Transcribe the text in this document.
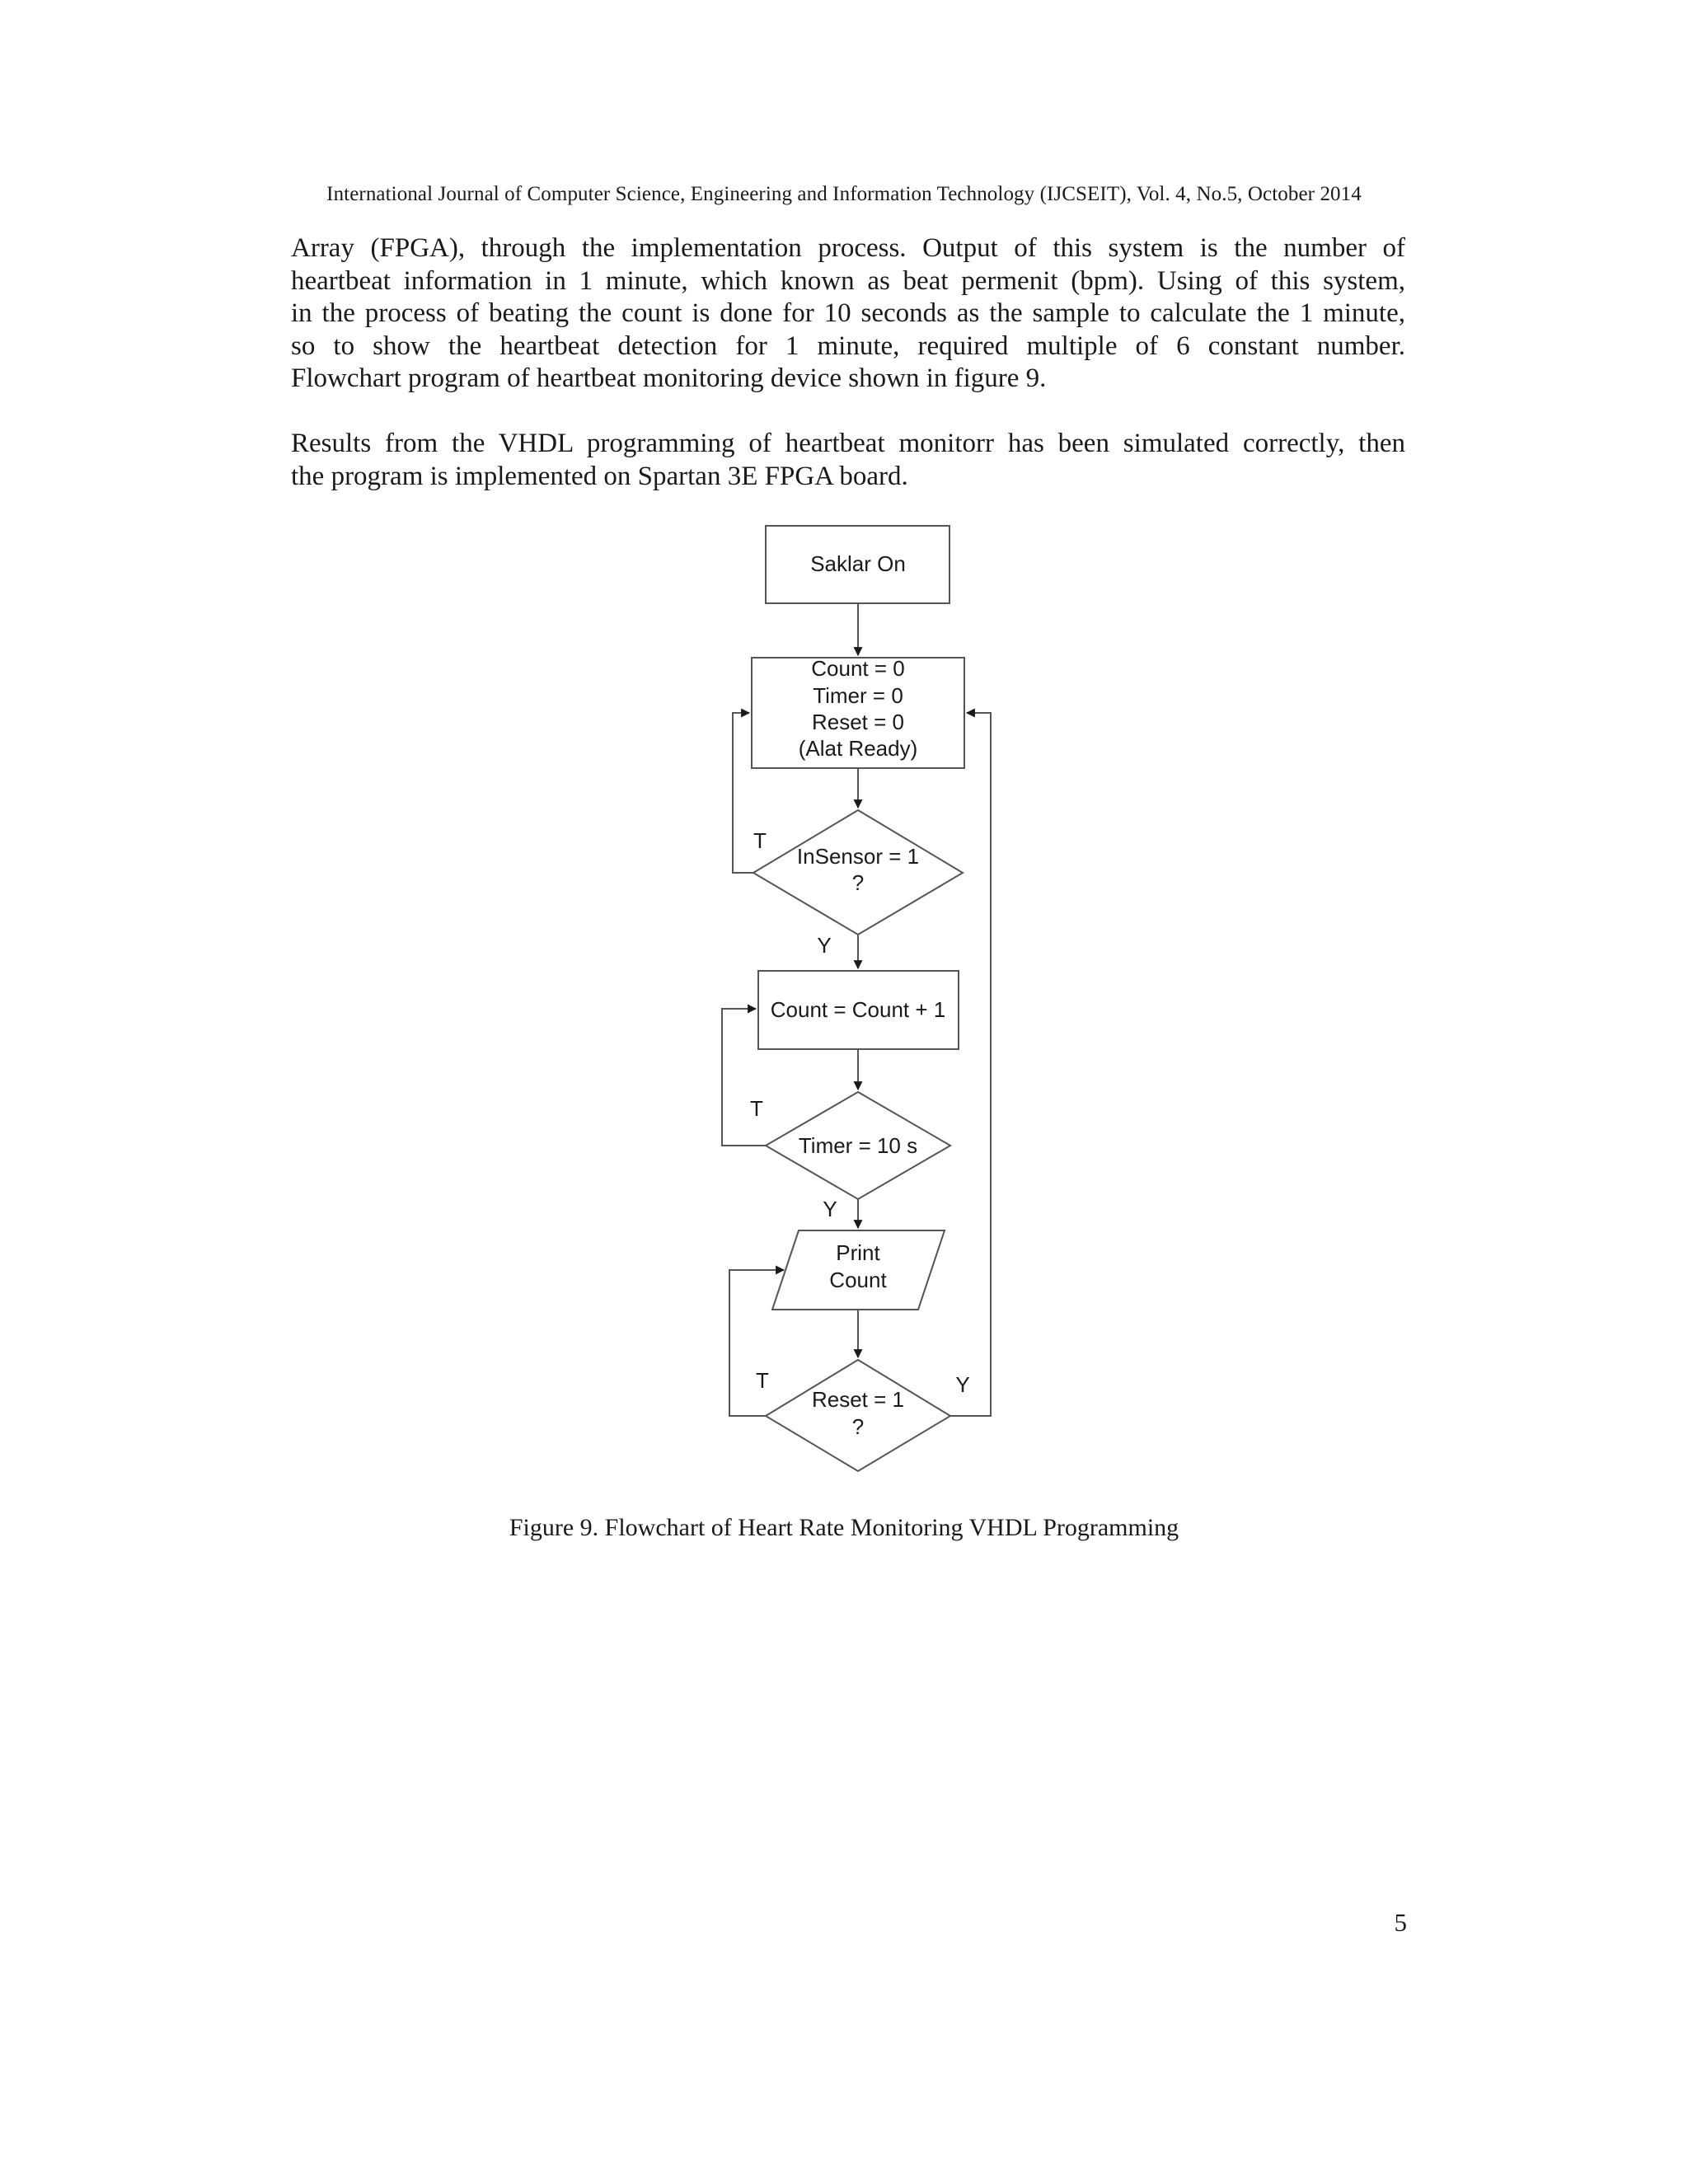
International Journal of Computer Science, Engineering and Information Technology (IJCSEIT), Vol. 4, No.5, October 2014
Array (FPGA), through the implementation process. Output of this system is the number of
heartbeat information in 1 minute, which known as beat permenit (bpm). Using of this system,
in the process of beating the count is done for 10 seconds as the sample to calculate the 1 minute,
so to show the heartbeat detection for 1 minute, required multiple of 6 constant number.
Flowchart program of heartbeat monitoring device shown in figure 9.
Results from the VHDL programming of heartbeat monitorr has been simulated correctly, then
the program is implemented on Spartan 3E FPGA board.
Saklar On
Count = 0
Timer = 0
Reset = 0
(Alat Ready)
InSensor = 1
?
Count = Count + 1
Timer = 10 s
Print
Count
Reset = 1
?
T
Y
T
Y
T	Y
Figure 9. Flowchart of Heart Rate Monitoring VHDL Programming
5
